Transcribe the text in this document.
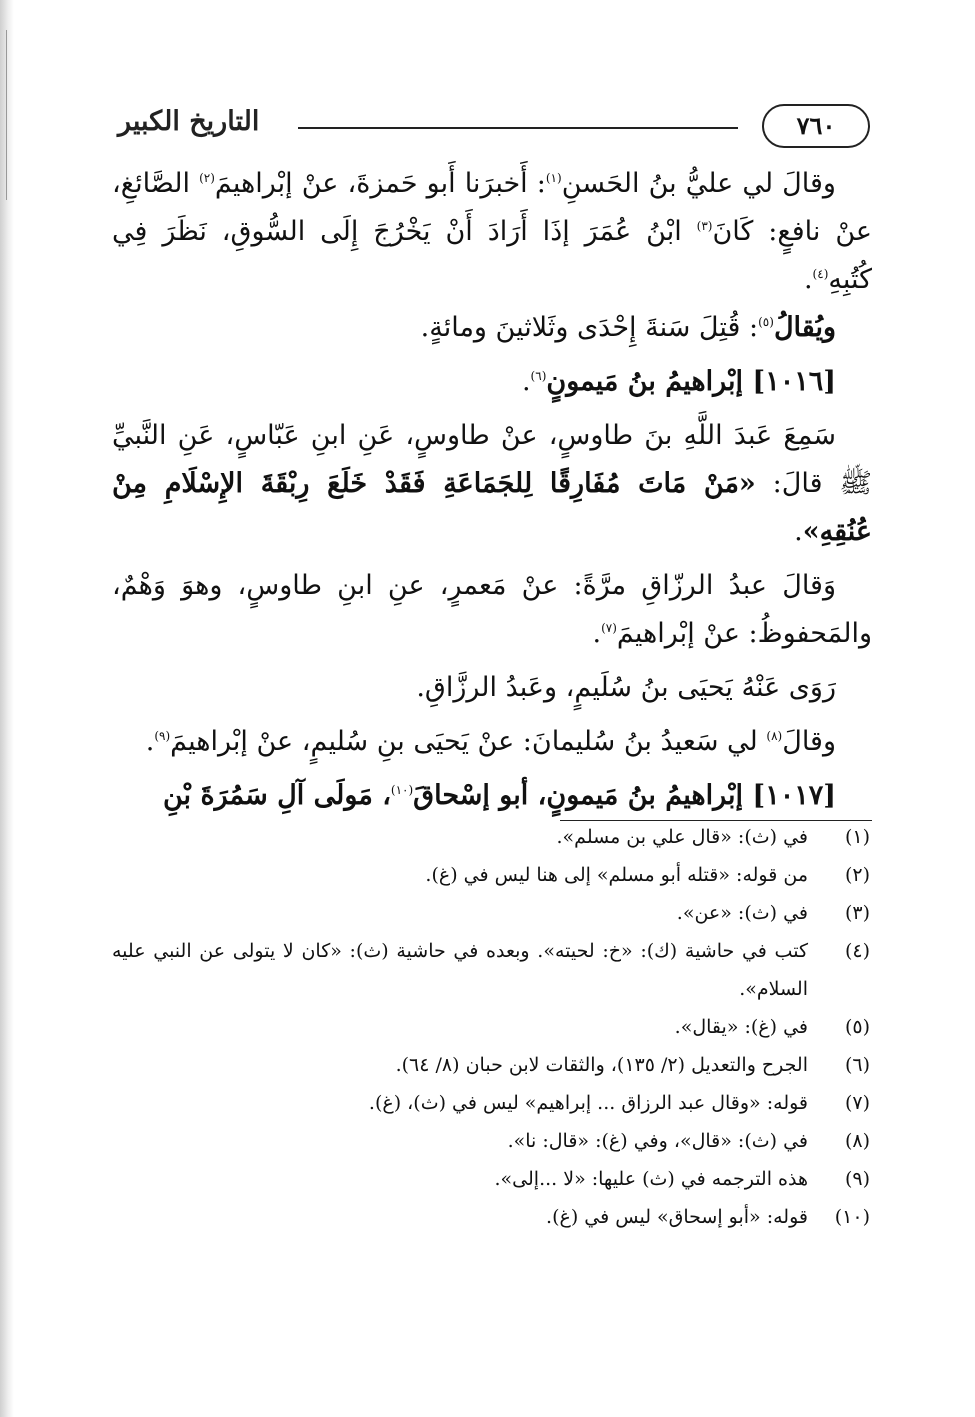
التاريخ الكبير	٧٦٠

وقالَ لي عليُّ بنُ الحَسنِ$^{(١)}$: أَخبرَنا أَبو حَمزةَ، عنْ إبْراهيمَ$^{(٢)}$ الصَّائغِ، عنْ نافعٍ: كَانَ$^{(٣)}$ ابْنُ عُمَرَ إذَا أَرَادَ أَنْ يَخْرُجَ إِلَى السُّوقِ، نَظَرَ فِي كُتُبِهِ$^{(٤)}$.

ويُقالُ$^{(٥)}$: قُتِلَ سَنةَ إِحْدَى وثَلاثينَ ومائةٍ.

[١٠١٦] إبْراهيمُ بنُ مَيمونٍ$^{(٦)}$.

سَمِعَ عَبدَ اللَّهِ بنَ طاوسٍ، عنْ طاوسٍ، عَنِ ابنِ عَبّاسٍ، عَنِ النَّبيِّ ﷺ قالَ: «مَنْ مَاتَ مُفَارِقًا لِلجَمَاعَةِ فَقَدْ خَلَعَ رِبْقَةَ الإِسْلَامِ مِنْ عُنُقِهِ».

وَقالَ عبدُ الرزّاقِ مرَّةً: عنْ مَعمرٍ، عنِ ابنِ طاوسٍ، وهوَ وَهْمٌ، والمَحفوظُ: عنْ إبْراهيمَ$^{(٧)}$.

رَوَى عَنْهُ يَحيَى بنُ سُلَيمٍ، وعَبدُ الرزَّاقِ.

وقالَ$^{(٨)}$ لي سَعيدُ بنُ سُليمانَ: عنْ يَحيَى بنِ سُليمٍ، عنْ إبْراهيمَ$^{(٩)}$.

[١٠١٧] إبْراهيمُ بنُ مَيمونٍ، أبو إسْحاقَ$^{(١٠)}$، مَولَى آلِ سَمُرَةَ بْنِ

(١)
في (ث): «قال علي بن مسلم».
(٢)
من قوله: «قتله أبو مسلم» إلى هنا ليس في (غ).
(٣)
في (ث): «عن».
(٤)
كتب في حاشية (ك): «خ: لحيته». وبعده في حاشية (ث): «كان لا يتولى عن النبي عليه السلام».
(٥)
في (غ): «يقال».
(٦)
الجرح والتعديل (٢/ ١٣٥)، والثقات لابن حبان (٨/ ٦٤).
(٧)
قوله: «وقال عبد الرزاق ... إبراهيم» ليس في (ث)، (غ).
(٨)
في (ث): «قال»، وفي (غ): «قال: نا».
(٩)
هذه الترجمه في (ث) عليها: «لا ...إلى».
(١٠)
قوله: «أبو إسحاق» ليس في (غ).
